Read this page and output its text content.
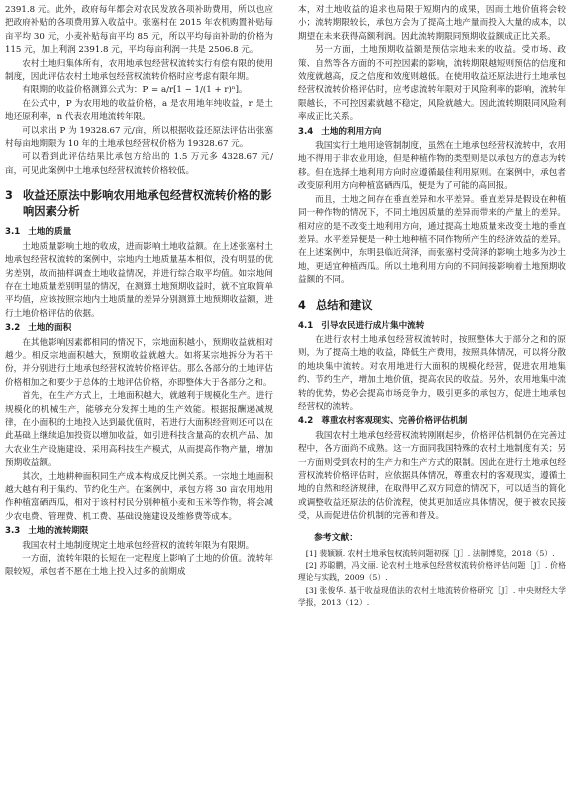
2391.8 元。此外，政府每年都会对农民发放各项补助费用，所以也应把政府补贴的各项费用算入收益中。张塞村在 2015 年农机购置补贴每亩平均 30 元，小麦补贴每亩平均 85 元，所以平均每亩补助的价格为 115 元，加上利润 2391.8 元，平均每亩利润一共是 2506.8 元。

农村土地归集体所有，农用地承包经营权流转实行有偿有限的使用制度，因此评估农村土地承包经营权流转价格时应考虑有限年期。

有限期的收益价格测算公式为：P = a/r[1 − 1/(1 + r)ⁿ]。

在公式中，P 为农用地的收益价格，a 是农用地年纯收益，r 是土地还原利率，n 代表农用地流转年限。

可以求出 P 为 19328.67 元/亩，所以根据收益还原法评估出张塞村每亩地期限为 10 年的土地承包经营权价格为 19328.67 元。

可以看到此评估结果比承包方给出的 1.5 万元多 4328.67 元/亩，可见此案例中土地承包经营权流转价格较低。

3 收益还原法中影响农用地承包经营权流转价格的影响因素分析
3.1 土地的质量

土地质量影响土地的收成，进而影响土地收益额。在上述张塞村土地承包经营权流转的案例中，宗地内土地质量基本相似，没有明显的优劣差别，故而抽样调查土地收益情况，并进行综合取平均值。如宗地间存在土地质量差别明显的情况，在测算土地预期收益时，就不宜取简单平均值，应该按照宗地内土地质量的差异分别测算土地预期收益额，进行土地价格评估的依据。

3.2 土地的面积

在其他影响因素都相同的情况下，宗地面积越小，预期收益就相对越少。相反宗地面积越大，预期收益就越大。如将某宗地拆分为若干份，并分别进行土地承包经营权流转价格评估。那么各部分的土地评估价格相加之和要少于总体的土地评估价格，亦即整体大于各部分之和。

首先，在生产方式上，土地面积越大，就越利于规模化生产。进行规模化的机械生产，能够充分发挥土地的生产效能。根据报酬递减规律，在小面积的土地投入达到最优值时，若进行大面积经营则还可以在此基础上继续追加投资以增加收益，如引进科技含量高的农机产品、加大农业生产设施建设、采用高科技生产模式，从而提高作物产量，增加预期收益额。

其次，土地耕种面积同生产成本构成反比例关系。一宗地土地面积越大越有利于集约、节约化生产。在案例中，承包方将 30 亩农用地用作种植富硒西瓜，相对于该村村民分别种植小麦和玉米等作物，将会减少农电费、管理费、机工费、基础设施建设及维修费等成本。

3.3 土地的流转期限

我国农村土地制度规定土地承包经营权的流转年限为有限期。

一方面，流转年限的长短在一定程度上影响了土地的价值。流转年限较短，承包者不愿在土地上投入过多的前期成

本，对土地收益的追求也局限于短期内的成果，因而土地价值将会较小；流转期限较长，承包方会为了提高土地产量而投入大量的成本，以期望在未来获得高额利润。因此流转期限同预期收益额成正比关系。

另一方面，土地预期收益额是预估宗地未来的收益。受市场、政策、自然等各方面的不可控因素的影响，流转期限越短则预估的信度和效度就越高，反之信度和效度则越低。在使用收益还原法进行土地承包经营权流转价格评估时，应考虑流转年限对于风险利率的影响，流转年限越长，不可控因素就越不稳定，风险就越大。因此流转期限同风险利率成正比关系。

3.4 土地的利用方向

我国实行土地用途管制制度，虽然在土地承包经营权流转中，农用地不得用于非农业用途，但是种植作物的类型则是以承包方的意志为转移。但在选择土地利用方向时应遵循最佳利用原则。在案例中，承包者改变原利用方向种植富硒西瓜，便是为了可能的高回报。

而且，土地之间存在垂直差异和水平差异。垂直差异是假设在种植同一种作物的情况下，不同土地因质量的差异而带来的产量上的差异。相对应的是不改变土地利用方向，通过提高土地质量来改变土地的垂直差异。水平差异便是一种土地种植不同作物所产生的经济效益的差异。在上述案例中，东明县临近菏泽，而张塞村受菏泽的影响土地多为沙土地，更适宜种植西瓜。所以土地利用方向的不同间接影响着土地预期收益额的不同。

4 总结和建议
4.1 引导农民进行成片集中流转

在进行农村土地承包经营权流转时，按照整体大于部分之和的原则，为了提高土地的收益，降低生产费用，按照具体情况，可以将分散的地块集中流转。对农用地进行大面积的规模化经营，促进农用地集约、节约生产，增加土地价值，提高农民的收益。另外，农用地集中流转的优势，势必会提高市场竞争力，吸引更多的承包方，促进土地承包经营权的流转。

4.2 尊重农村客观现实、完善价格评估机制

我国农村土地承包经营权流转刚刚起步，价格评估机制仍在完善过程中，各方面尚不成熟。这一方面同我国特殊的农村土地制度有关；另一方面则受到农村的生产力和生产方式的限制。因此在进行土地承包经营权流转价格评估时，应依据具体情况，尊重农村的客观现实，遵循土地的自然和经济规律，在取得甲乙双方同意的情况下，可以适当的简化或调整收益还原法的估价流程，使其更加适应具体情况，便于被农民接受，从而促进估价机制的完善和普及。

参考文献：

[1] 裴颖颖. 农村土地承包权流转问题初探［J］. 法制博览，2018（5）.

[2] 苏聪鹏，冯文丽. 论农村土地承包经营权流转价格评估问题［J］. 价格理论与实践，2009（5）.

[3] 张俊华. 基于收益现值法的农村土地流转价格研究［J］. 中央财经大学学报，2013（12）.
